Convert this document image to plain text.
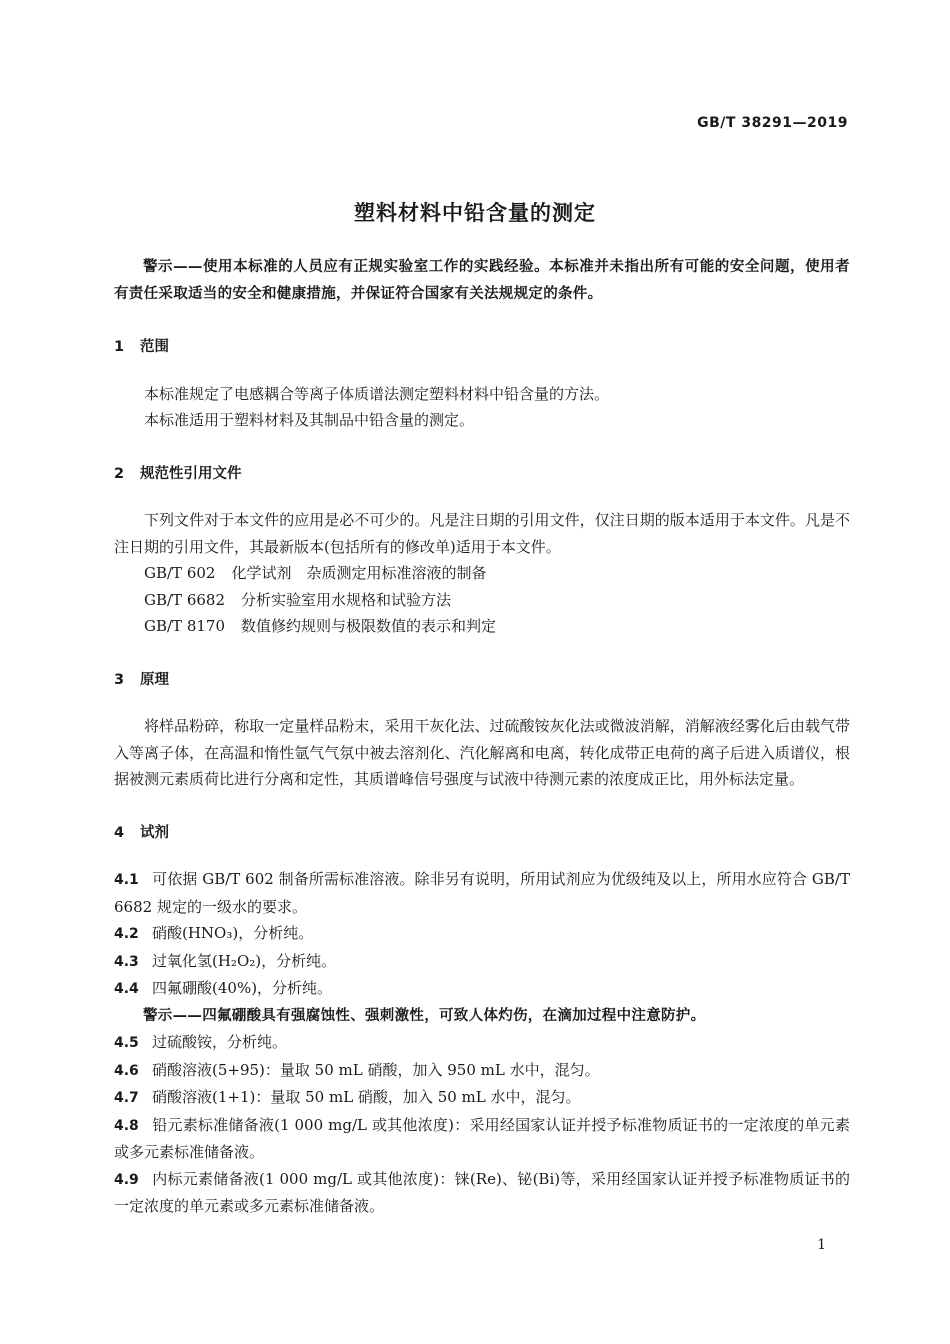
GB/T 38291—2019
塑料材料中铅含量的测定

警示——使用本标准的人员应有正规实验室工作的实践经验。本标准并未指出所有可能的安全问题，使用者有责任采取适当的安全和健康措施，并保证符合国家有关法规规定的条件。

1 范围

本标准规定了电感耦合等离子体质谱法测定塑料材料中铅含量的方法。

本标准适用于塑料材料及其制品中铅含量的测定。

2 规范性引用文件

下列文件对于本文件的应用是必不可少的。凡是注日期的引用文件，仅注日期的版本适用于本文件。凡是不注日期的引用文件，其最新版本(包括所有的修改单)适用于本文件。

GB/T 602 化学试剂　杂质测定用标准溶液的制备

GB/T 6682 分析实验室用水规格和试验方法

GB/T 8170 数值修约规则与极限数值的表示和判定

3 原理

将样品粉碎，称取一定量样品粉末，采用干灰化法、过硫酸铵灰化法或微波消解，消解液经雾化后由载气带入等离子体，在高温和惰性氩气气氛中被去溶剂化、汽化解离和电离，转化成带正电荷的离子后进入质谱仪，根据被测元素质荷比进行分离和定性，其质谱峰信号强度与试液中待测元素的浓度成正比，用外标法定量。

4 试剂

4.1 可依据 GB/T 602 制备所需标准溶液。除非另有说明，所用试剂应为优级纯及以上，所用水应符合 GB/T 6682 规定的一级水的要求。

4.2 硝酸(HNO₃)，分析纯。

4.3 过氧化氢(H₂O₂)，分析纯。

4.4 四氟硼酸(40%)，分析纯。

警示——四氟硼酸具有强腐蚀性、强刺激性，可致人体灼伤，在滴加过程中注意防护。

4.5 过硫酸铵，分析纯。

4.6 硝酸溶液(5+95)：量取 50 mL 硝酸，加入 950 mL 水中，混匀。

4.7 硝酸溶液(1+1)：量取 50 mL 硝酸，加入 50 mL 水中，混匀。

4.8 铅元素标准储备液(1 000 mg/L 或其他浓度)：采用经国家认证并授予标准物质证书的一定浓度的单元素或多元素标准储备液。

4.9 内标元素储备液(1 000 mg/L 或其他浓度)：铼(Re)、铋(Bi)等，采用经国家认证并授予标准物质证书的一定浓度的单元素或多元素标准储备液。

1
